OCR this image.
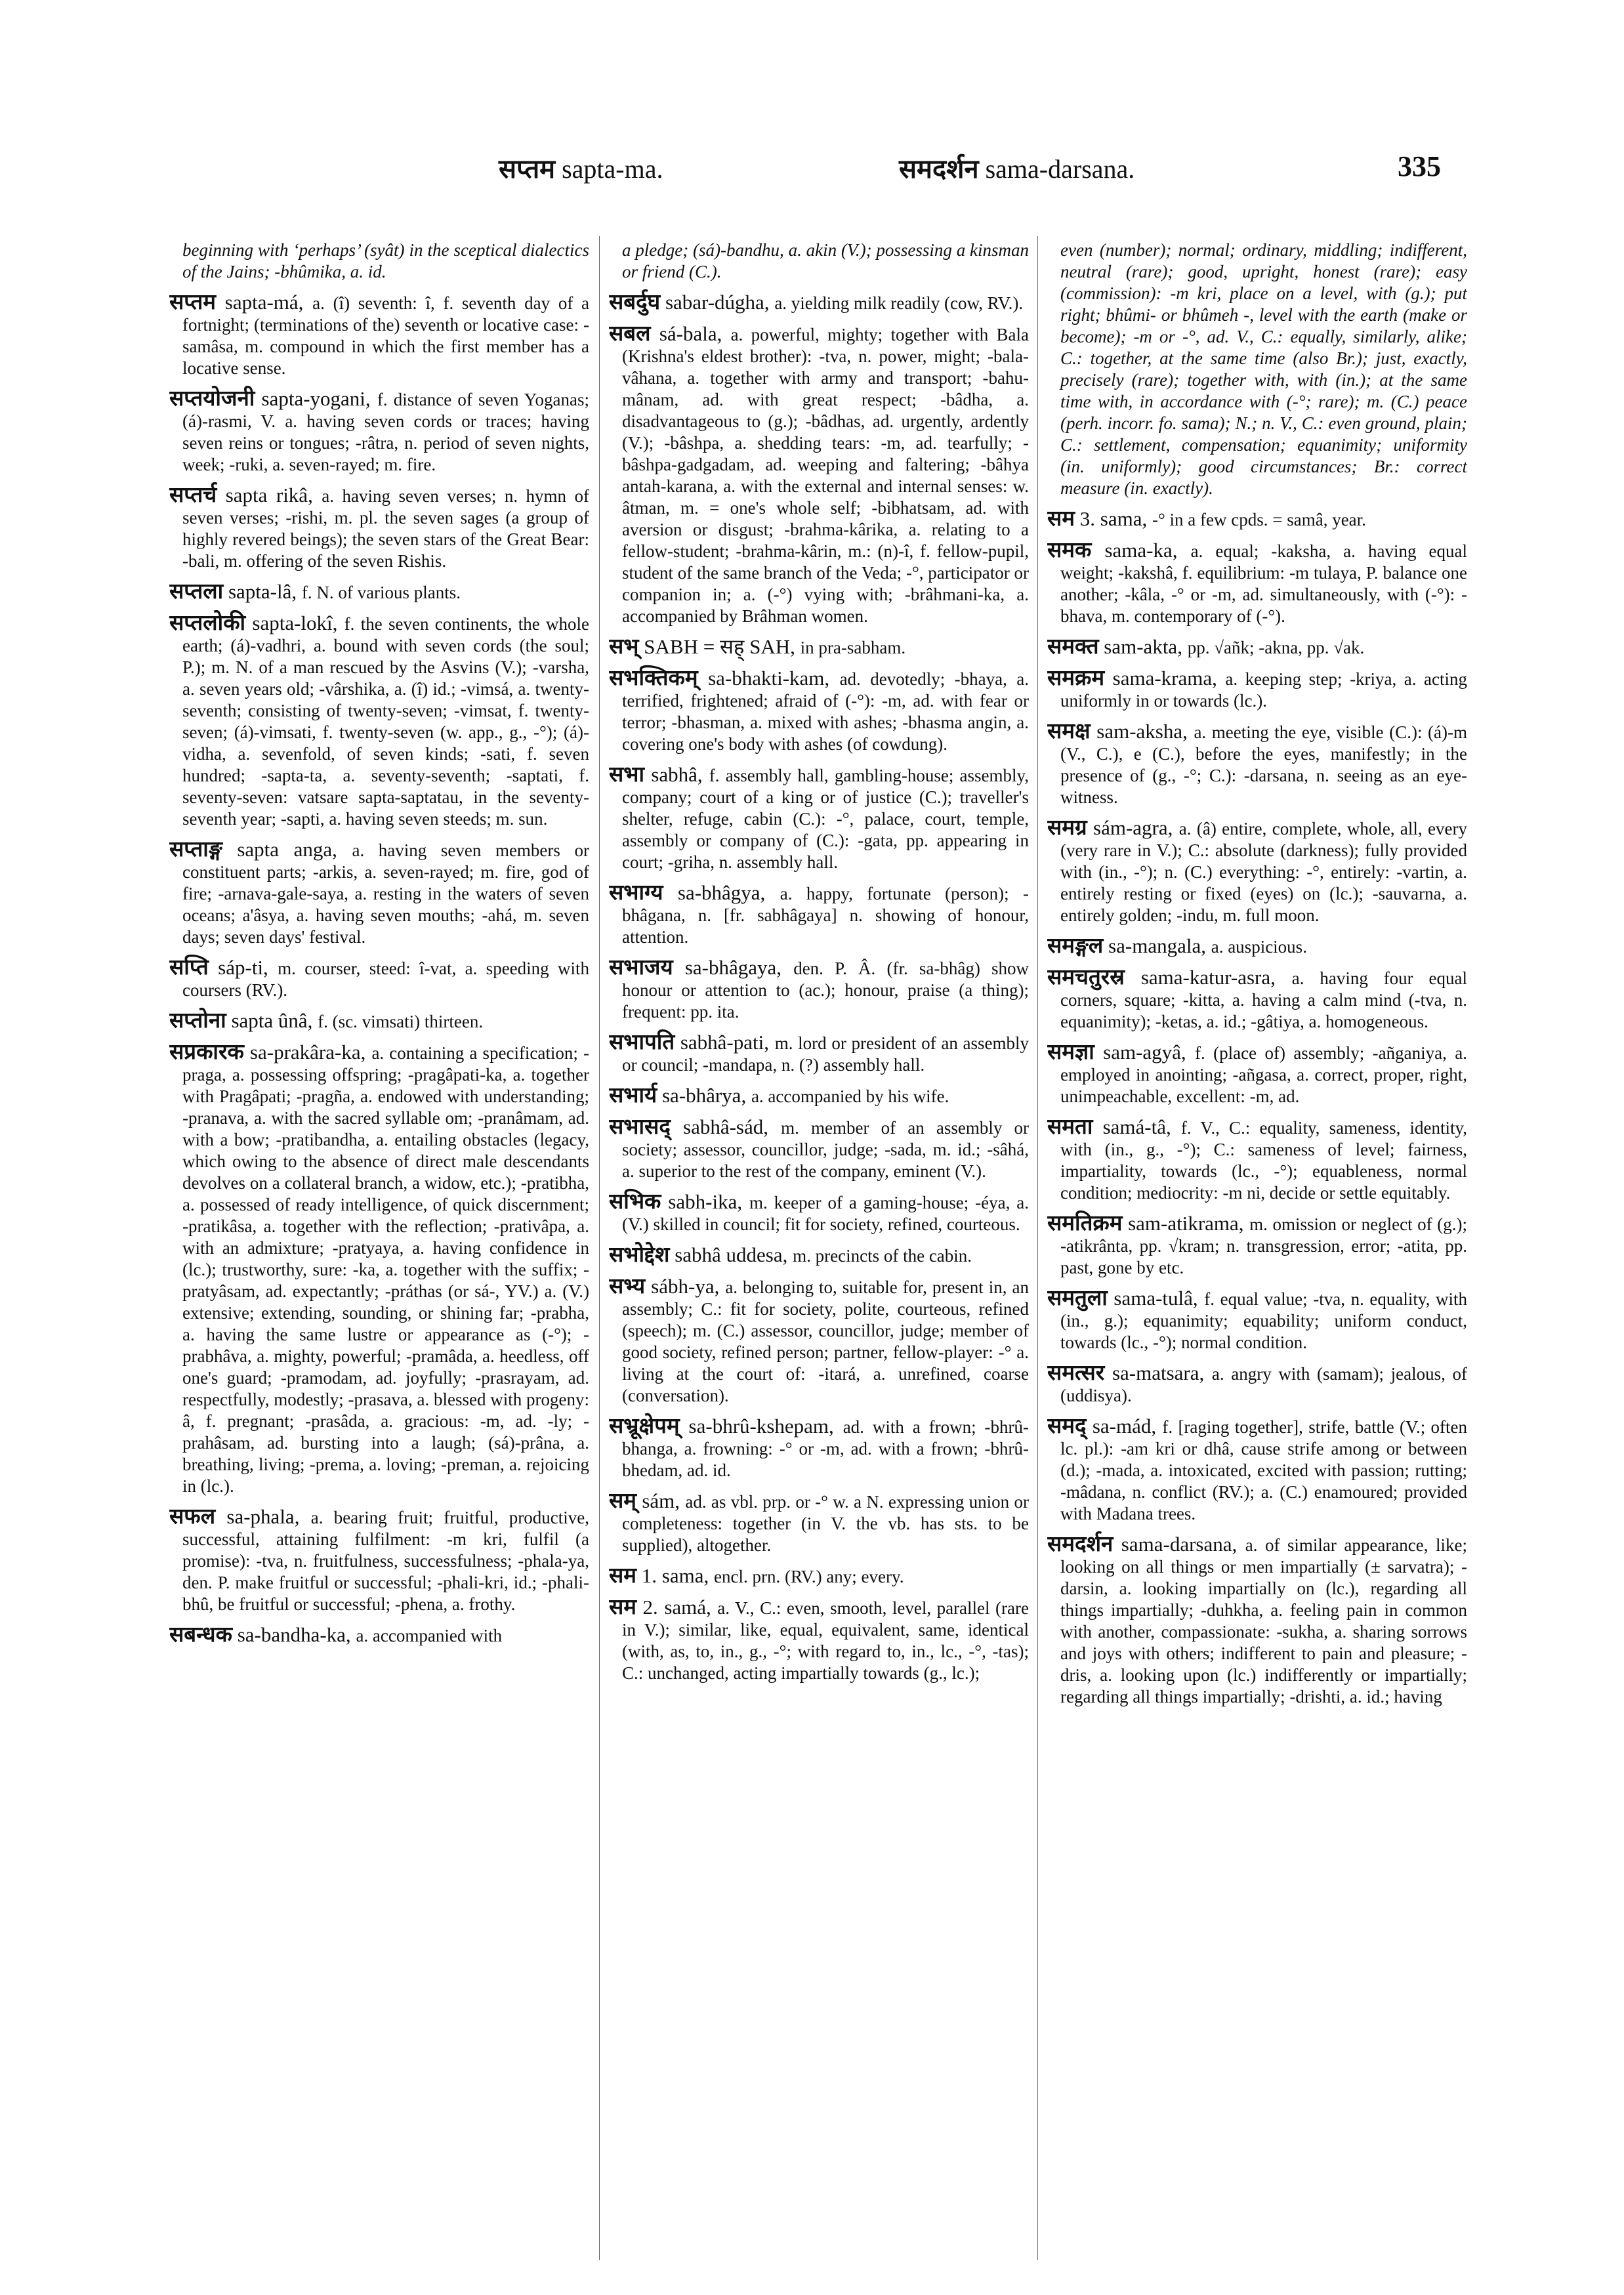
सप्तम sapta-ma.	समदर्शन sama-darsana.	335

beginning with ‘perhaps’ (syât) in the sceptical dialectics of the Jains; -bhûmika, a. id.

सप्तम sapta-má, a. (î) seventh: î, f. seventh day of a fortnight; (terminations of the) seventh or locative case: -samâsa, m. compound in which the first member has a locative sense.

सप्तयोजनी sapta-yogani, f. distance of seven Yoganas; (á)-rasmi, V. a. having seven cords or traces; having seven reins or tongues; -râtra, n. period of seven nights, week; -ruki, a. seven-rayed; m. fire.

सप्तर्च sapta rikâ, a. having seven verses; n. hymn of seven verses; -rishi, m. pl. the seven sages (a group of highly revered beings); the seven stars of the Great Bear: -bali, m. offering of the seven Rishis.

सप्तला sapta-lâ, f. N. of various plants.

सप्तलोकी sapta-lokî, f. the seven continents, the whole earth; (á)-vadhri, a. bound with seven cords (the soul; P.); m. N. of a man rescued by the Asvins (V.); -varsha, a. seven years old; -vârshika, a. (î) id.; -vimsá, a. twenty-seventh; consisting of twenty-seven; -vimsat, f. twenty-seven; (á)-vimsati, f. twenty-seven (w. app., g., -°); (á)-vidha, a. sevenfold, of seven kinds; -sati, f. seven hundred; -sapta-ta, a. seventy-seventh; -saptati, f. seventy-seven: vatsare sapta-saptatau, in the seventy-seventh year; -sapti, a. having seven steeds; m. sun.

सप्ताङ्ग sapta anga, a. having seven members or constituent parts; -arkis, a. seven-rayed; m. fire, god of fire; -arnava-gale-saya, a. resting in the waters of seven oceans; a'âsya, a. having seven mouths; -ahá, m. seven days; seven days' festival.

सप्ति sáp-ti, m. courser, steed: î-vat, a. speeding with coursers (RV.).

सप्तोना sapta ûnâ, f. (sc. vimsati) thirteen.

सप्रकारक sa-prakâra-ka, a. containing a specification; -praga, a. possessing offspring; -pragâpati-ka, a. together with Pragâpati; -pragña, a. endowed with understanding; -pranava, a. with the sacred syllable om; -pranâmam, ad. with a bow; -pratibandha, a. entailing obstacles (legacy, which owing to the absence of direct male descendants devolves on a collateral branch, a widow, etc.); -pratibha, a. possessed of ready intelligence, of quick discernment; -pratikâsa, a. together with the reflection; -prativâpa, a. with an admixture; -pratyaya, a. having confidence in (lc.); trustworthy, sure: -ka, a. together with the suffix; -pratyâsam, ad. expectantly; -práthas (or sá-, YV.) a. (V.) extensive; extending, sounding, or shining far; -prabha, a. having the same lustre or appearance as (-°); -prabhâva, a. mighty, powerful; -pramâda, a. heedless, off one's guard; -pramodam, ad. joyfully; -prasrayam, ad. respectfully, modestly; -prasava, a. blessed with progeny: â, f. pregnant; -prasâda, a. gracious: -m, ad. -ly; -prahâsam, ad. bursting into a laugh; (sá)-prâna, a. breathing, living; -prema, a. loving; -preman, a. rejoicing in (lc.).

सफल sa-phala, a. bearing fruit; fruitful, productive, successful, attaining fulfilment: -m kri, fulfil (a promise): -tva, n. fruitfulness, successfulness; -phala-ya, den. P. make fruitful or successful; -phali-kri, id.; -phali-bhû, be fruitful or successful; -phena, a. frothy.

सबन्धक sa-bandha-ka, a. accompanied with

a pledge; (sá)-bandhu, a. akin (V.); possessing a kinsman or friend (C.).

सबर्दुघ sabar-dúgha, a. yielding milk readily (cow, RV.).

सबल sá-bala, a. powerful, mighty; together with Bala (Krishna's eldest brother): -tva, n. power, might; -bala-vâhana, a. together with army and transport; -bahu-mânam, ad. with great respect; -bâdha, a. disadvantageous to (g.); -bâdhas, ad. urgently, ardently (V.); -bâshpa, a. shedding tears: -m, ad. tearfully; -bâshpa-gadgadam, ad. weeping and faltering; -bâhya antah-karana, a. with the external and internal senses: w. âtman, m. = one's whole self; -bibhatsam, ad. with aversion or disgust; -brahma-kârika, a. relating to a fellow-student; -brahma-kârin, m.: (n)-î, f. fellow-pupil, student of the same branch of the Veda; -°, participator or companion in; a. (-°) vying with; -brâhmani-ka, a. accompanied by Brâhman women.

सभ् SABH = सह् SAH, in pra-sabham.

सभक्तिकम् sa-bhakti-kam, ad. devotedly; -bhaya, a. terrified, frightened; afraid of (-°): -m, ad. with fear or terror; -bhasman, a. mixed with ashes; -bhasma angin, a. covering one's body with ashes (of cowdung).

सभा sabhâ, f. assembly hall, gambling-house; assembly, company; court of a king or of justice (C.); traveller's shelter, refuge, cabin (C.): -°, palace, court, temple, assembly or company of (C.): -gata, pp. appearing in court; -griha, n. assembly hall.

सभाग्य sa-bhâgya, a. happy, fortunate (person); -bhâgana, n. [fr. sabhâgaya] n. showing of honour, attention.

सभाजय sa-bhâgaya, den. P. Â. (fr. sa-bhâg) show honour or attention to (ac.); honour, praise (a thing); frequent: pp. ita.

सभापति sabhâ-pati, m. lord or president of an assembly or council; -mandapa, n. (?) assembly hall.

सभार्य sa-bhârya, a. accompanied by his wife.

सभासद् sabhâ-sád, m. member of an assembly or society; assessor, councillor, judge; -sada, m. id.; -sâhá, a. superior to the rest of the company, eminent (V.).

सभिक sabh-ika, m. keeper of a gaming-house; -éya, a. (V.) skilled in council; fit for society, refined, courteous.

सभोद्देश sabhâ uddesa, m. precincts of the cabin.

सभ्य sábh-ya, a. belonging to, suitable for, present in, an assembly; C.: fit for society, polite, courteous, refined (speech); m. (C.) assessor, councillor, judge; member of good society, refined person; partner, fellow-player: -° a. living at the court of: -itará, a. unrefined, coarse (conversation).

सभ्रूक्षेपम् sa-bhrû-kshepam, ad. with a frown; -bhrû-bhanga, a. frowning: -° or -m, ad. with a frown; -bhrû-bhedam, ad. id.

सम् sám, ad. as vbl. prp. or -° w. a N. expressing union or completeness: together (in V. the vb. has sts. to be supplied), altogether.

सम 1. sama, encl. prn. (RV.) any; every.

सम 2. samá, a. V., C.: even, smooth, level, parallel (rare in V.); similar, like, equal, equivalent, same, identical (with, as, to, in., g., -°; with regard to, in., lc., -°, -tas); C.: unchanged, acting impartially towards (g., lc.);

even (number); normal; ordinary, middling; indifferent, neutral (rare); good, upright, honest (rare); easy (commission): -m kri, place on a level, with (g.); put right; bhûmi- or bhûmeh -, level with the earth (make or become); -m or -°, ad. V., C.: equally, similarly, alike; C.: together, at the same time (also Br.); just, exactly, precisely (rare); together with, with (in.); at the same time with, in accordance with (-°; rare); m. (C.) peace (perh. incorr. fo. sama); N.; n. V., C.: even ground, plain; C.: settlement, compensation; equanimity; uniformity (in. uniformly); good circumstances; Br.: correct measure (in. exactly).

सम 3. sama, -° in a few cpds. = samâ, year.

समक sama-ka, a. equal; -kaksha, a. having equal weight; -kakshâ, f. equilibrium: -m tulayа, P. balance one another; -kâla, -° or -m, ad. simultaneously, with (-°): -bhava, m. contemporary of (-°).

समक्त sam-akta, pp. √añk; -akna, pp. √ak.

समक्रम sama-krama, a. keeping step; -kriya, a. acting uniformly in or towards (lc.).

समक्ष sam-aksha, a. meeting the eye, visible (C.): (á)-m (V., C.), e (C.), before the eyes, manifestly; in the presence of (g., -°; C.): -darsana, n. seeing as an eye-witness.

समग्र sám-agra, a. (â) entire, complete, whole, all, every (very rare in V.); C.: absolute (darkness); fully provided with (in., -°); n. (C.) everything: -°, entirely: -vartin, a. entirely resting or fixed (eyes) on (lc.); -sauvarna, a. entirely golden; -indu, m. full moon.

समङ्गल sa-mangala, a. auspicious.

समचतुरस्र sama-katur-asra, a. having four equal corners, square; -kitta, a. having a calm mind (-tva, n. equanimity); -ketas, a. id.; -gâtiya, a. homogeneous.

समज्ञा sam-agyâ, f. (place of) assembly; -añganiya, a. employed in anointing; -añgasa, a. correct, proper, right, unimpeachable, excellent: -m, ad.

समता samá-tâ, f. V., C.: equality, sameness, identity, with (in., g., -°); C.: sameness of level; fairness, impartiality, towards (lc., -°); equableness, normal condition; mediocrity: -m ni, decide or settle equitably.

समतिक्रम sam-atikrama, m. omission or neglect of (g.); -atikrânta, pp. √kram; n. transgression, error; -atita, pp. past, gone by etc.

समतुला sama-tulâ, f. equal value; -tva, n. equality, with (in., g.); equanimity; equability; uniform conduct, towards (lc., -°); normal condition.

समत्सर sa-matsara, a. angry with (samam); jealous, of (uddisya).

समद् sa-mád, f. [raging together], strife, battle (V.; often lc. pl.): -am kri or dhâ, cause strife among or between (d.); -mada, a. intoxicated, excited with passion; rutting; -mâdana, n. conflict (RV.); a. (C.) enamoured; provided with Madana trees.

समदर्शन sama-darsana, a. of similar appearance, like; looking on all things or men impartially (± sarvatra); -darsin, a. looking impartially on (lc.), regarding all things impartially; -duhkha, a. feeling pain in common with another, compassionate: -sukha, a. sharing sorrows and joys with others; indifferent to pain and pleasure; -dris, a. looking upon (lc.) indifferently or impartially; regarding all things impartially; -drishti, a. id.; having
